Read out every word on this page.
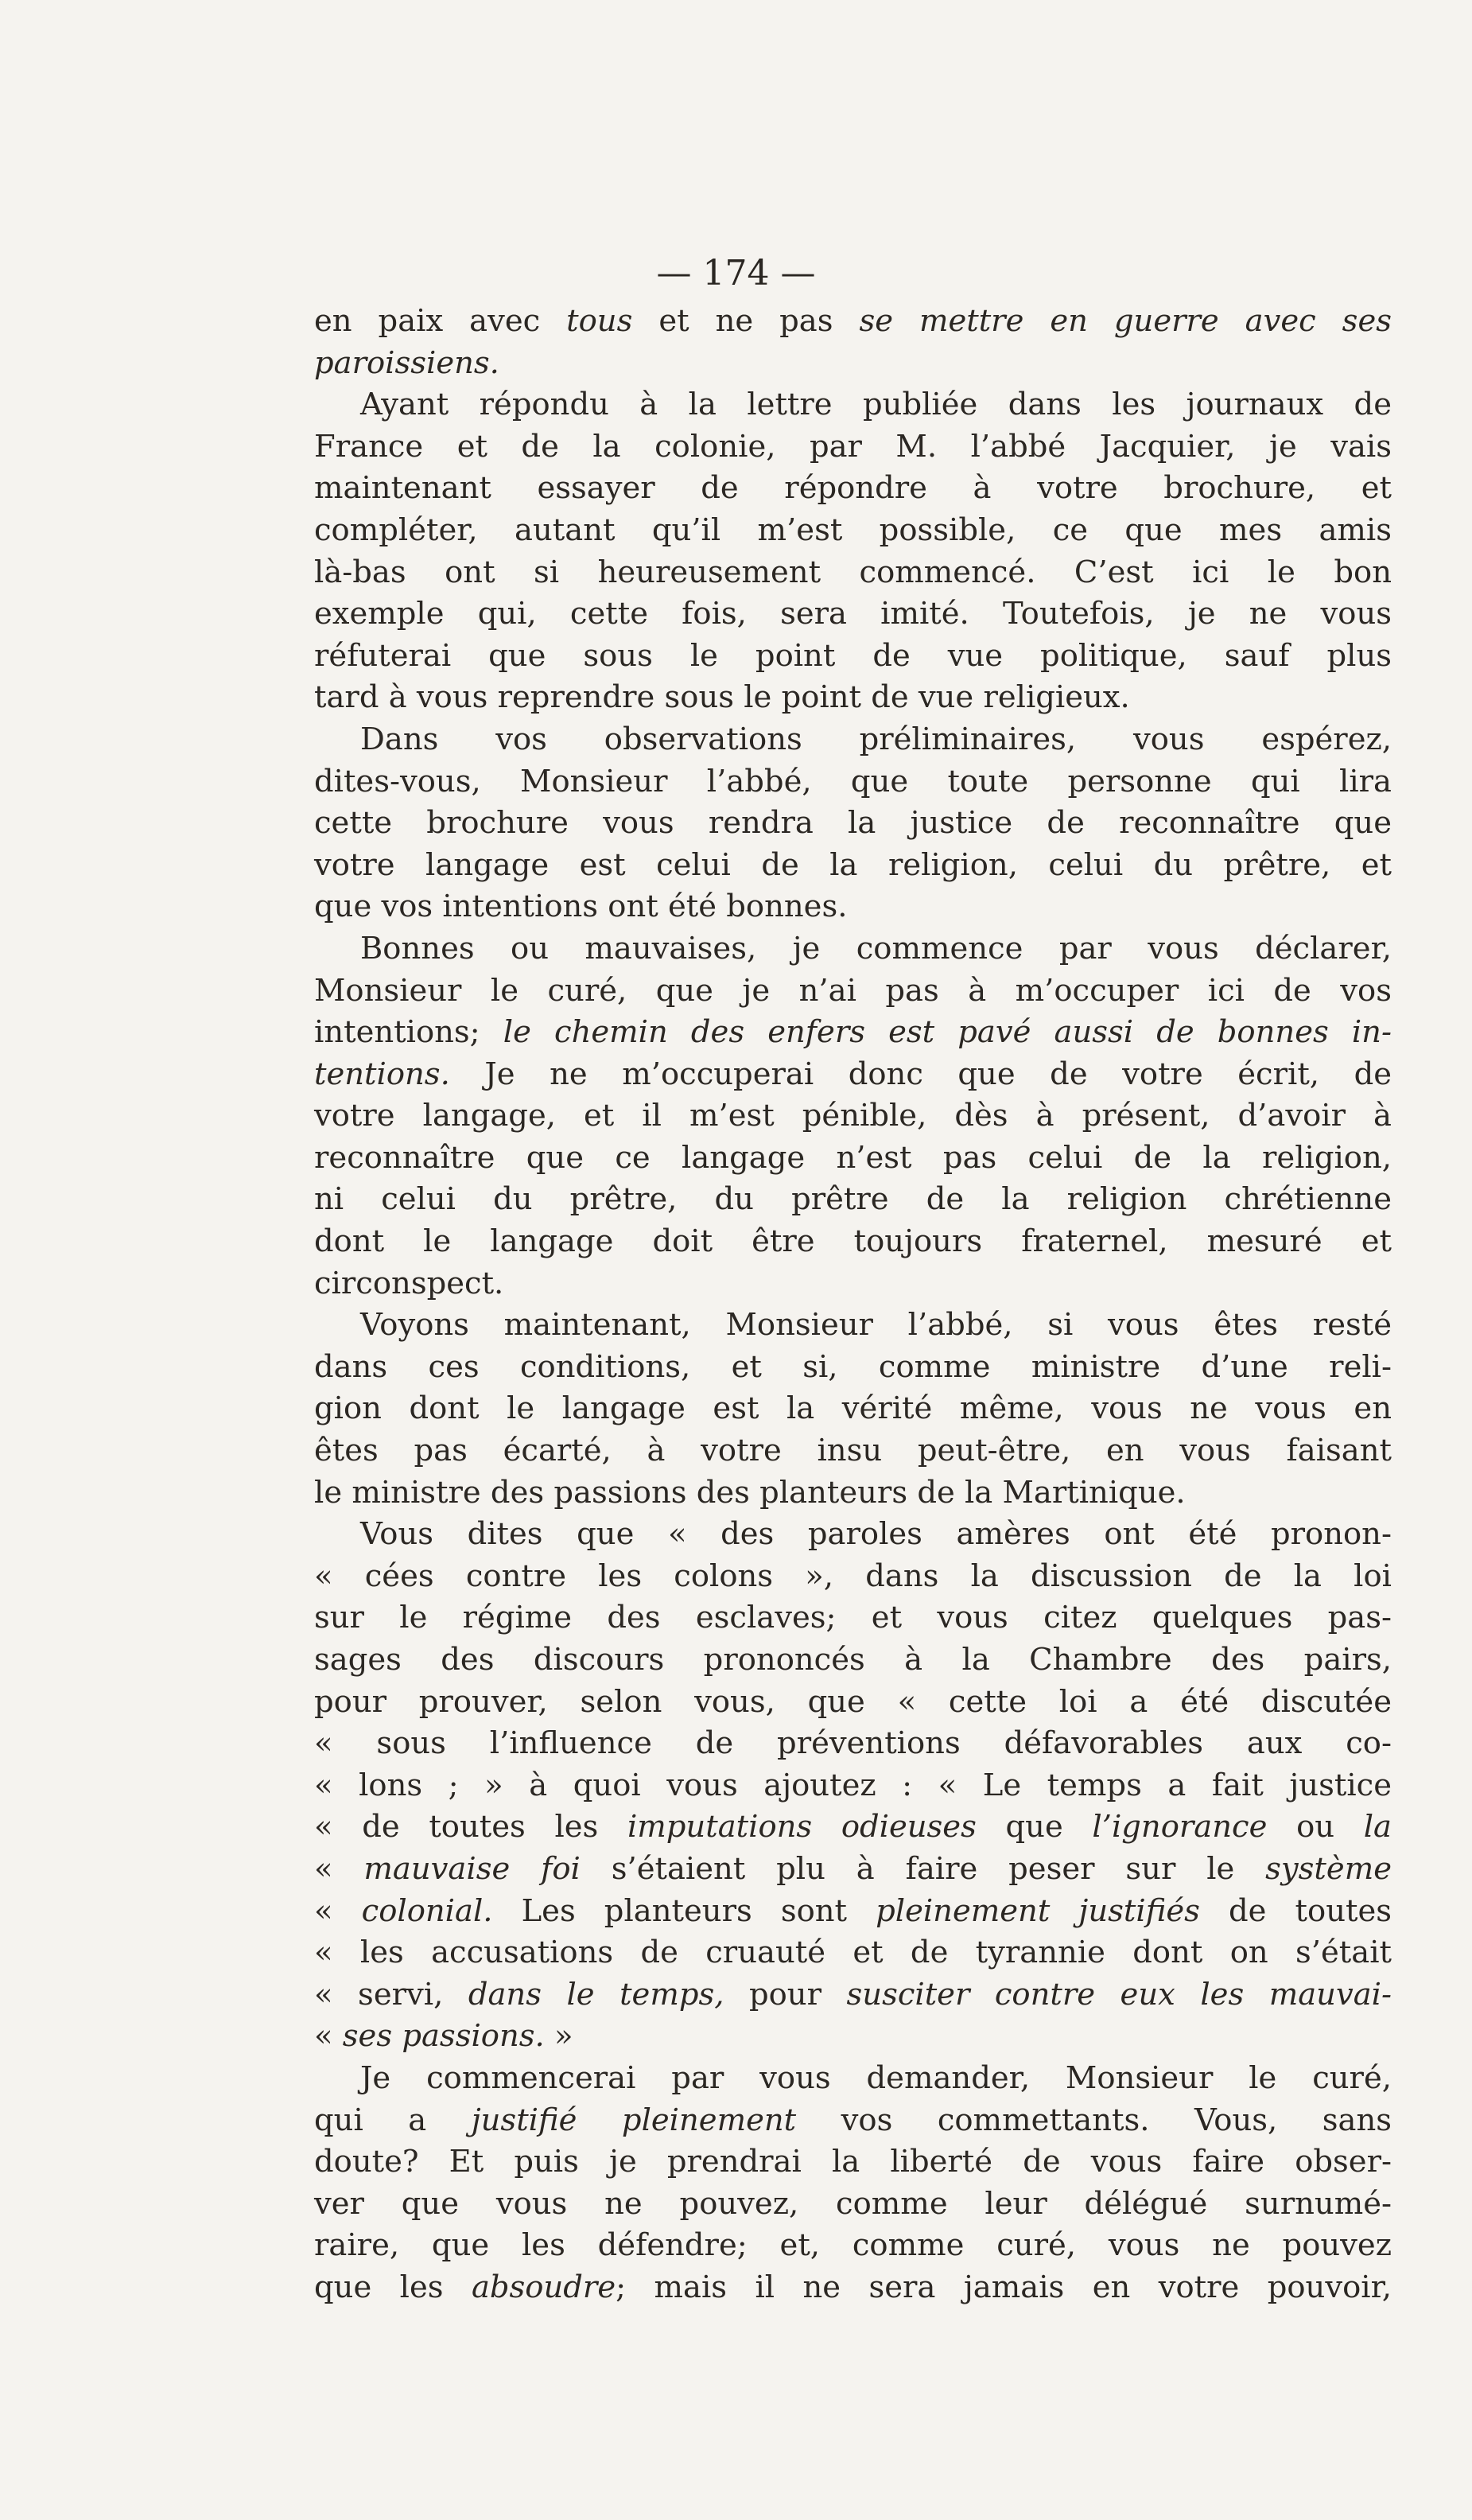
— 174 —

en paix avec tous et ne pas se mettre en guerre avec ses
paroissiens.
Ayant répondu à la lettre publiée dans les journaux de
France et de la colonie, par M. l’abbé Jacquier, je vais
maintenant essayer de répondre à votre brochure, et
compléter, autant qu’il m’est possible, ce que mes amis
là-bas ont si heureusement commencé. C’est ici le bon
exemple qui, cette fois, sera imité. Toutefois, je ne vous
réfuterai que sous le point de vue politique, sauf plus
tard à vous reprendre sous le point de vue religieux.
Dans vos observations préliminaires, vous espérez,
dites-vous, Monsieur l’abbé, que toute personne qui lira
cette brochure vous rendra la justice de reconnaître que
votre langage est celui de la religion, celui du prêtre, et
que vos intentions ont été bonnes.
Bonnes ou mauvaises, je commence par vous déclarer,
Monsieur le curé, que je n’ai pas à m’occuper ici de vos
intentions; le chemin des enfers est pavé aussi de bonnes in-
tentions. Je ne m’occuperai donc que de votre écrit, de
votre langage, et il m’est pénible, dès à présent, d’avoir à
reconnaître que ce langage n’est pas celui de la religion,
ni celui du prêtre, du prêtre de la religion chrétienne
dont le langage doit être toujours fraternel, mesuré et
circonspect.
Voyons maintenant, Monsieur l’abbé, si vous êtes resté
dans ces conditions, et si, comme ministre d’une reli-
gion dont le langage est la vérité même, vous ne vous en
êtes pas écarté, à votre insu peut-être, en vous faisant
le ministre des passions des planteurs de la Martinique.
Vous dites que « des paroles amères ont été pronon-
« cées contre les colons », dans la discussion de la loi
sur le régime des esclaves; et vous citez quelques pas-
sages des discours prononcés à la Chambre des pairs,
pour prouver, selon vous, que « cette loi a été discutée
« sous l’influence de préventions défavorables aux co-
« lons ; » à quoi vous ajoutez : « Le temps a fait justice
« de toutes les imputations odieuses que l’ignorance ou la
« mauvaise foi s’étaient plu à faire peser sur le système
« colonial. Les planteurs sont pleinement justifiés de toutes
« les accusations de cruauté et de tyrannie dont on s’était
« servi, dans le temps, pour susciter contre eux les mauvai-
« ses passions. »
Je commencerai par vous demander, Monsieur le curé,
qui a justifié pleinement vos commettants. Vous, sans
doute? Et puis je prendrai la liberté de vous faire obser-
ver que vous ne pouvez, comme leur délégué surnumé-
raire, que les défendre; et, comme curé, vous ne pouvez
que les absoudre; mais il ne sera jamais en votre pouvoir,
